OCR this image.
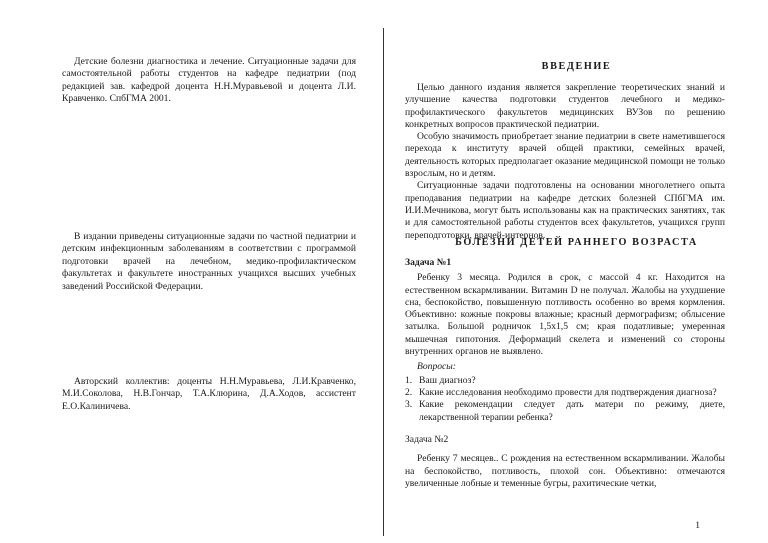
Детские болезни диагностика и лечение. Ситуационные задачи для самостоятельной работы студентов на кафедре педиатрии (под редакцией зав. кафедрой доцента Н.Н.Муравьевой и доцента Л.И. Кравченко. СпбГМА 2001.

В издании приведены ситуационные задачи по частной педиатрии и детским инфекционным заболеваниям в соответствии с программой подготовки врачей на лечебном, медико-профилактическом факультетах и факультете иностранных учащихся высших учебных заведений Российской Федерации.

Авторский коллектив: доценты Н.Н.Муравьева, Л.И.Кравченко, М.И.Соколова, Н.В.Гончар, Т.А.Клюрина, Д.А.Ходов, ассистент Е.О.Калиничева.

ВВЕДЕНИЕ

Целью данного издания является закрепление теоретических знаний и улучшение качества подготовки студентов лечебного и медико-профилактического факультетов медицинских ВУЗов по решению конкретных вопросов практической педиатрии.

Особую значимость приобретает знание педиатрии в свете наметившегося перехода к институту врачей общей практики, семейных врачей, деятельность которых предполагает оказание медицинской помощи не только взрослым, но и детям.

Ситуационные задачи подготовлены на основании многолетнего опыта преподавания педиатрии на кафедре детских болезней СПбГМА им. И.И.Мечникова, могут быть использованы как на практических занятиях, так и для самостоятельной работы студентов всех факультетов, учащихся групп переподготовки, врачей-интернов.

БОЛЕЗНИ ДЕТЕЙ РАННЕГО ВОЗРАСТА

Задача №1

Ребенку 3 месяца. Родился в срок, с массой 4 кг. Находится на естественном вскармливании. Витамин D не получал. Жалобы на ухудшение сна, беспокойство, повышенную потливость особенно во время кормления. Объективно: кожные покровы влажные; красный дермографизм; облысение затылка. Большой родничок 1,5х1,5 см; края податливые; умеренная мышечная гипотония. Деформаций скелета и изменений со стороны внутренних органов не выявлено.

Вопросы:

1. Ваш диагноз?
2. Какие исследования необходимо провести для подтверждения диагноза?
3. Какие рекомендации следует дать матери по режиму, диете, лекарственной терапии ребенка?

Задача №2

Ребенку 7 месяцев.. С рождения на естественном вскармливании. Жалобы на беспокойство, потливость, плохой сон. Объективно: отмечаются увеличенные лобные и теменные бугры, рахитические четки,

1
